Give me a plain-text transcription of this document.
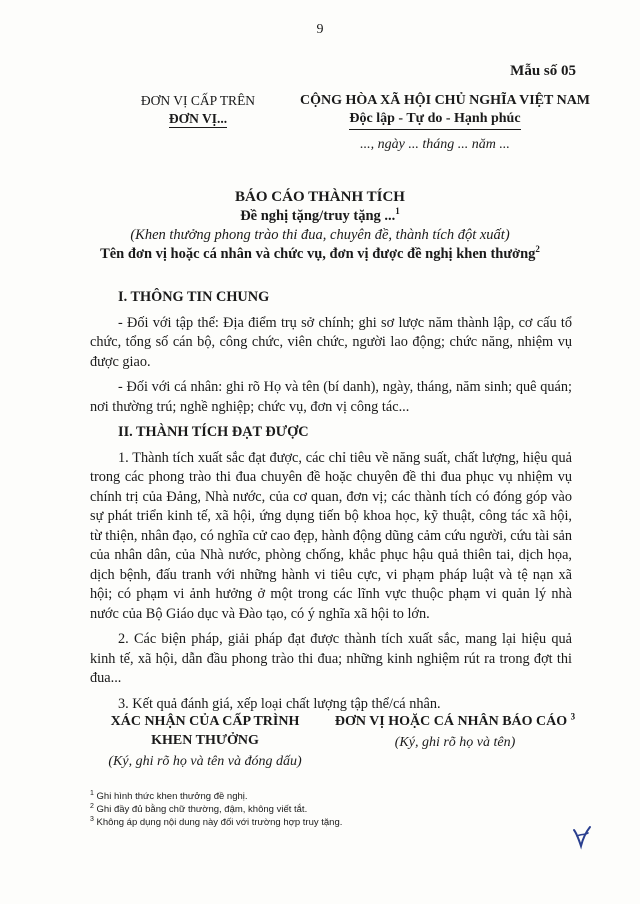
9
Mẫu số 05
ĐƠN VỊ CẤP TRÊN
ĐƠN VỊ...
CỘNG HÒA XÃ HỘI CHỦ NGHĨA VIỆT NAM
Độc lập - Tự do - Hạnh phúc
..., ngày ... tháng ... năm ...
BÁO CÁO THÀNH TÍCH
Đề nghị tặng/truy tặng ...$^1$
(Khen thưởng phong trào thi đua, chuyên đề, thành tích đột xuất)
Tên đơn vị hoặc cá nhân và chức vụ, đơn vị được đề nghị khen thưởng$^2$
I. THÔNG TIN CHUNG

- Đối với tập thể: Địa điểm trụ sở chính; ghi sơ lược năm thành lập, cơ cấu tổ chức, tổng số cán bộ, công chức, viên chức, người lao động; chức năng, nhiệm vụ được giao.

- Đối với cá nhân: ghi rõ Họ và tên (bí danh), ngày, tháng, năm sinh; quê quán; nơi thường trú; nghề nghiệp; chức vụ, đơn vị công tác...

II. THÀNH TÍCH ĐẠT ĐƯỢC

1. Thành tích xuất sắc đạt được, các chỉ tiêu về năng suất, chất lượng, hiệu quả trong các phong trào thi đua chuyên đề hoặc chuyên đề thi đua phục vụ nhiệm vụ chính trị của Đảng, Nhà nước, của cơ quan, đơn vị; các thành tích có đóng góp vào sự phát triển kinh tế, xã hội, ứng dụng tiến bộ khoa học, kỹ thuật, công tác xã hội, từ thiện, nhân đạo, có nghĩa cử cao đẹp, hành động dũng cảm cứu người, cứu tài sản của nhân dân, của Nhà nước, phòng chống, khắc phục hậu quả thiên tai, dịch họa, dịch bệnh, đấu tranh với những hành vi tiêu cực, vi phạm pháp luật và tệ nạn xã hội; có phạm vi ảnh hưởng ở một trong các lĩnh vực thuộc phạm vi quản lý nhà nước của Bộ Giáo dục và Đào tạo, có ý nghĩa xã hội to lớn.

2. Các biện pháp, giải pháp đạt được thành tích xuất sắc, mang lại hiệu quả kinh tế, xã hội, dẫn đầu phong trào thi đua; những kinh nghiệm rút ra trong đợt thi đua...

3. Kết quả đánh giá, xếp loại chất lượng tập thể/cá nhân.

XÁC NHẬN CỦA CẤP TRÌNH
KHEN THƯỞNG
(Ký, ghi rõ họ và tên và đóng dấu)
ĐƠN VỊ HOẶC CÁ NHÂN BÁO CÁO $^3$
(Ký, ghi rõ họ và tên)
$^1$ Ghi hình thức khen thưởng đề nghị.
$^2$ Ghi đầy đủ bằng chữ thường, đậm, không viết tắt.
$^3$ Không áp dụng nội dung này đối với trường hợp truy tặng.
